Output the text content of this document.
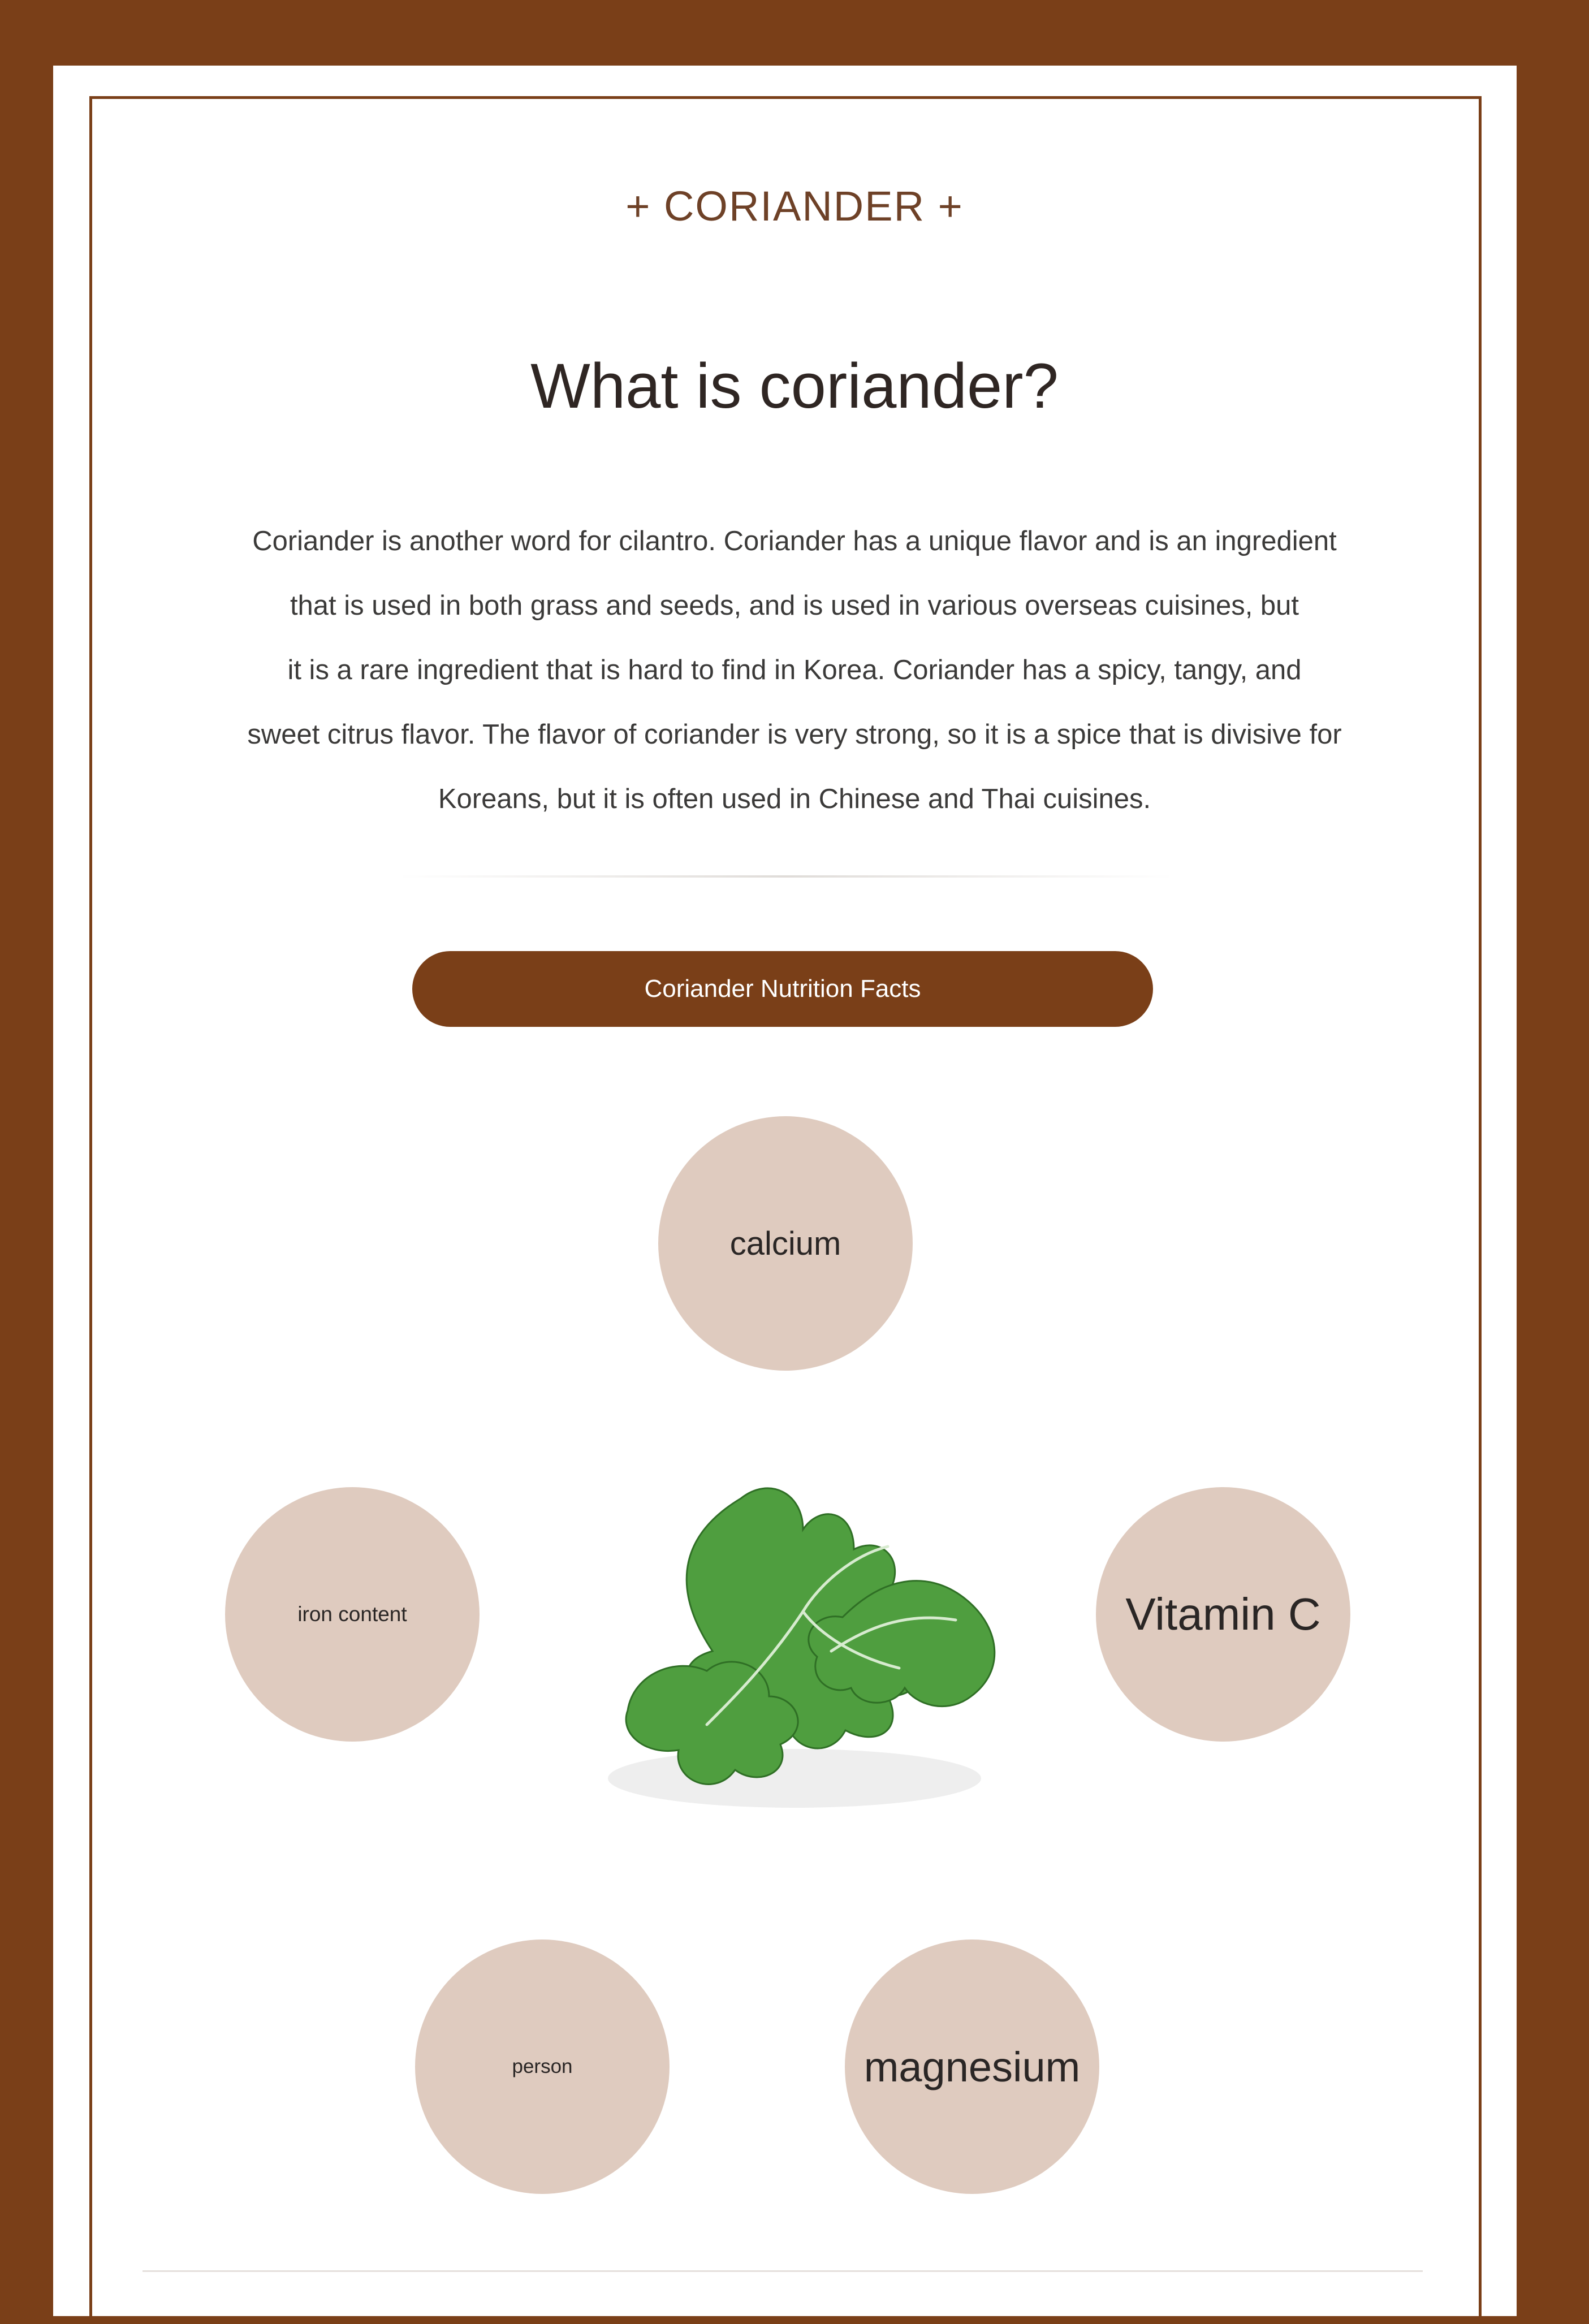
+ CORIANDER +
What is coriander?
Coriander is another word for cilantro. Coriander has a unique flavor and is an ingredient
that is used in both grass and seeds, and is used in various overseas cuisines, but
it is a rare ingredient that is hard to find in Korea. Coriander has a spicy, tangy, and
sweet citrus flavor. The flavor of coriander is very strong, so it is a spice that is divisive for
Koreans, but it is often used in Chinese and Thai cuisines.
Coriander Nutrition Facts
calcium
iron content	Vitamin C
person	magnesium
